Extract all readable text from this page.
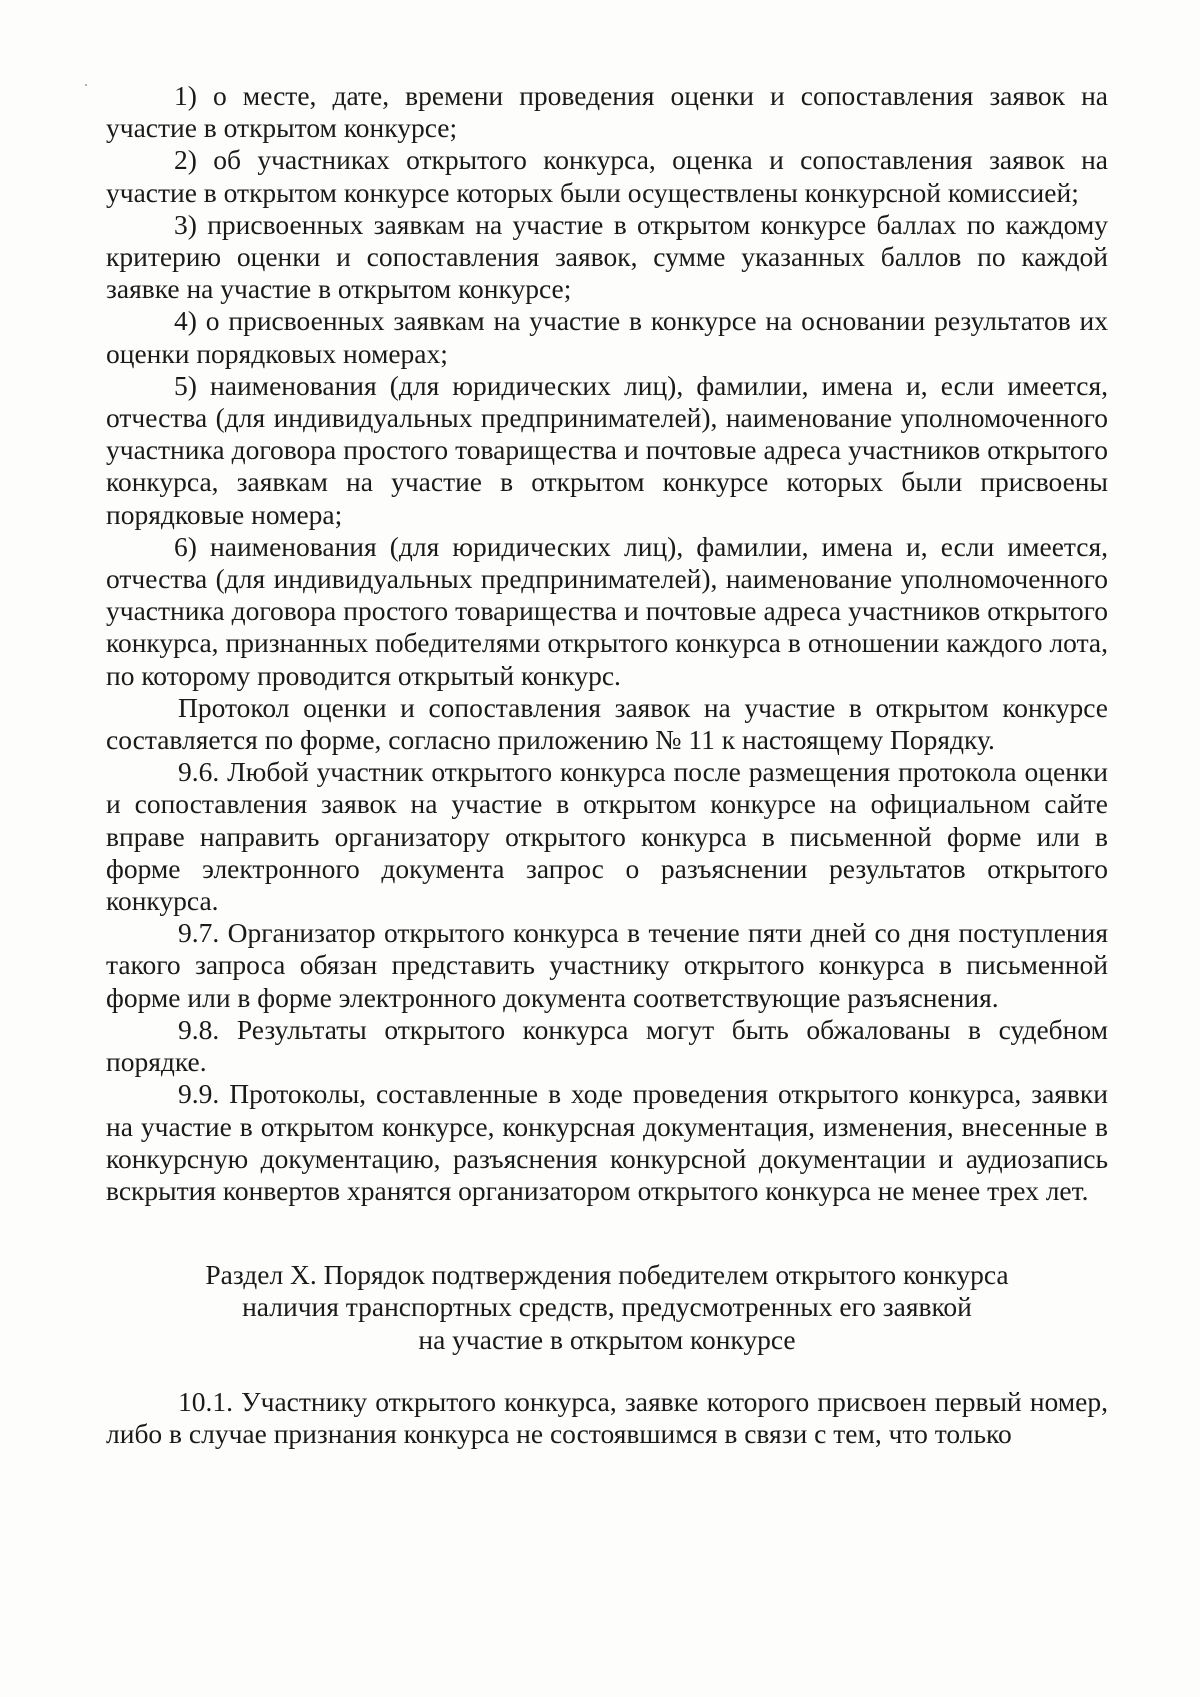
1) о месте, дате, времени проведения оценки и сопоставления заявок на участие в открытом конкурсе;

2) об участниках открытого конкурса, оценка и сопоставления заявок на участие в открытом конкурсе которых были осуществлены конкурсной комиссией;

3) присвоенных заявкам на участие в открытом конкурсе баллах по каждому критерию оценки и сопоставления заявок, сумме указанных баллов по каждой заявке на участие в открытом конкурсе;

4) о присвоенных заявкам на участие в конкурсе на основании результатов их оценки порядковых номерах;

5) наименования (для юридических лиц), фамилии, имена и, если имеется, отчества (для индивидуальных предпринимателей), наименование уполномоченного участника договора простого товарищества и почтовые адреса участников открытого конкурса, заявкам на участие в открытом конкурсе которых были присвоены порядковые номера;

6) наименования (для юридических лиц), фамилии, имена и, если имеется, отчества (для индивидуальных предпринимателей), наименование уполномоченного участника договора простого товарищества и почтовые адреса участников открытого конкурса, признанных победителями открытого конкурса в отношении каждого лота, по которому проводится открытый конкурс.

Протокол оценки и сопоставления заявок на участие в открытом конкурсе составляется по форме, согласно приложению № 11 к настоящему Порядку.

9.6. Любой участник открытого конкурса после размещения протокола оценки и сопоставления заявок на участие в открытом конкурсе на официальном сайте вправе направить организатору открытого конкурса в письменной форме или в форме электронного документа запрос о разъяснении результатов открытого конкурса.

9.7. Организатор открытого конкурса в течение пяти дней со дня поступления такого запроса обязан представить участнику открытого конкурса в письменной форме или в форме электронного документа соответствующие разъяснения.

9.8. Результаты открытого конкурса могут быть обжалованы в судебном порядке.

9.9. Протоколы, составленные в ходе проведения открытого конкурса, заявки на участие в открытом конкурсе, конкурсная документация, изменения, внесенные в конкурсную документацию, разъяснения конкурсной документации и аудиозапись вскрытия конвертов хранятся организатором открытого конкурса не менее трех лет.

Раздел X. Порядок подтверждения победителем открытого конкурса
наличия транспортных средств, предусмотренных его заявкой
на участие в открытом конкурсе

10.1. Участнику открытого конкурса, заявке которого присвоен первый номер, либо в случае признания конкурса не состоявшимся в связи с тем, что только
